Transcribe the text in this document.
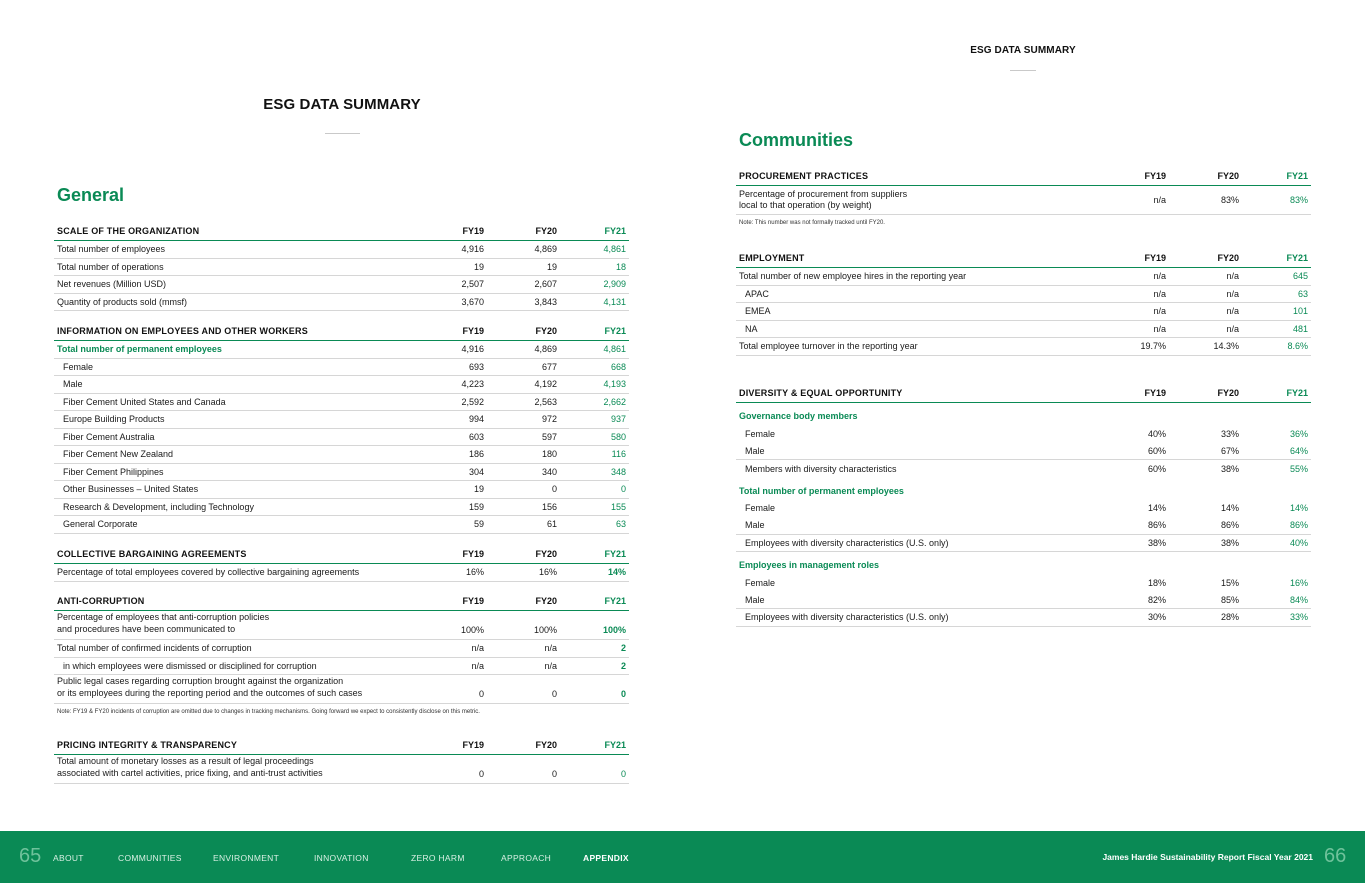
ESG DATA SUMMARY
General
SCALE OF THE ORGANIZATION	FY19	FY20	FY21
Total number of employees	4,916	4,869	4,861
Total number of operations	19	19	18
Net revenues (Million USD)	2,507	2,607	2,909
Quantity of products sold (mmsf)	3,670	3,843	4,131
INFORMATION ON EMPLOYEES AND OTHER WORKERS	FY19	FY20	FY21
Total number of permanent employees	4,916	4,869	4,861
Female	693	677	668
Male	4,223	4,192	4,193
Fiber Cement United States and Canada	2,592	2,563	2,662
Europe Building Products	994	972	937
Fiber Cement Australia	603	597	580
Fiber Cement New Zealand	186	180	116
Fiber Cement Philippines	304	340	348
Other Businesses – United States	19	0	0
Research & Development, including Technology	159	156	155
General Corporate	59	61	63
COLLECTIVE BARGAINING AGREEMENTS	FY19	FY20	FY21
Percentage of total employees covered by collective bargaining agreements	16%	16%	14%
ANTI-CORRUPTION	FY19	FY20	FY21
Percentage of employees that anti-corruption policies
and procedures have been communicated to	100%	100%	100%
Total number of confirmed incidents of corruption	n/a	n/a	2
in which employees were dismissed or disciplined for corruption	n/a	n/a	2
Public legal cases regarding corruption brought against the organization
or its employees during the reporting period and the outcomes of such cases	0	0	0
Note: FY19 & FY20 incidents of corruption are omitted due to changes in tracking mechanisms. Going forward we expect to consistently disclose on this metric.
PRICING INTEGRITY & TRANSPARENCY	FY19	FY20	FY21
Total amount of monetary losses as a result of legal proceedings
associated with cartel activities, price fixing, and anti-trust activities	0	0	0
ESG DATA SUMMARY
Communities
PROCUREMENT PRACTICES	FY19	FY20	FY21
Percentage of procurement from suppliers
local to that operation (by weight)	n/a	83%	83%
Note: This number was not formally tracked until FY20.
EMPLOYMENT	FY19	FY20	FY21
Total number of new employee hires in the reporting year	n/a	n/a	645
APAC	n/a	n/a	63
EMEA	n/a	n/a	101
NA	n/a	n/a	481
Total employee turnover in the reporting year	19.7%	14.3%	8.6%
DIVERSITY & EQUAL OPPORTUNITY	FY19	FY20	FY21
Governance body members
Female	40%	33%	36%
Male	60%	67%	64%
Members with diversity characteristics	60%	38%	55%
Total number of permanent employees
Female	14%	14%	14%
Male	86%	86%	86%
Employees with diversity characteristics (U.S. only)	38%	38%	40%
Employees in management roles
Female	18%	15%	16%
Male	82%	85%	84%
Employees with diversity characteristics (U.S. only)	30%	28%	33%
65 ABOUT	COMMUNITIES	ENVIRONMENT	INNOVATION	ZERO HARM	APPROACH	APPENDIX	James Hardie Sustainability Report Fiscal Year 2021 66
